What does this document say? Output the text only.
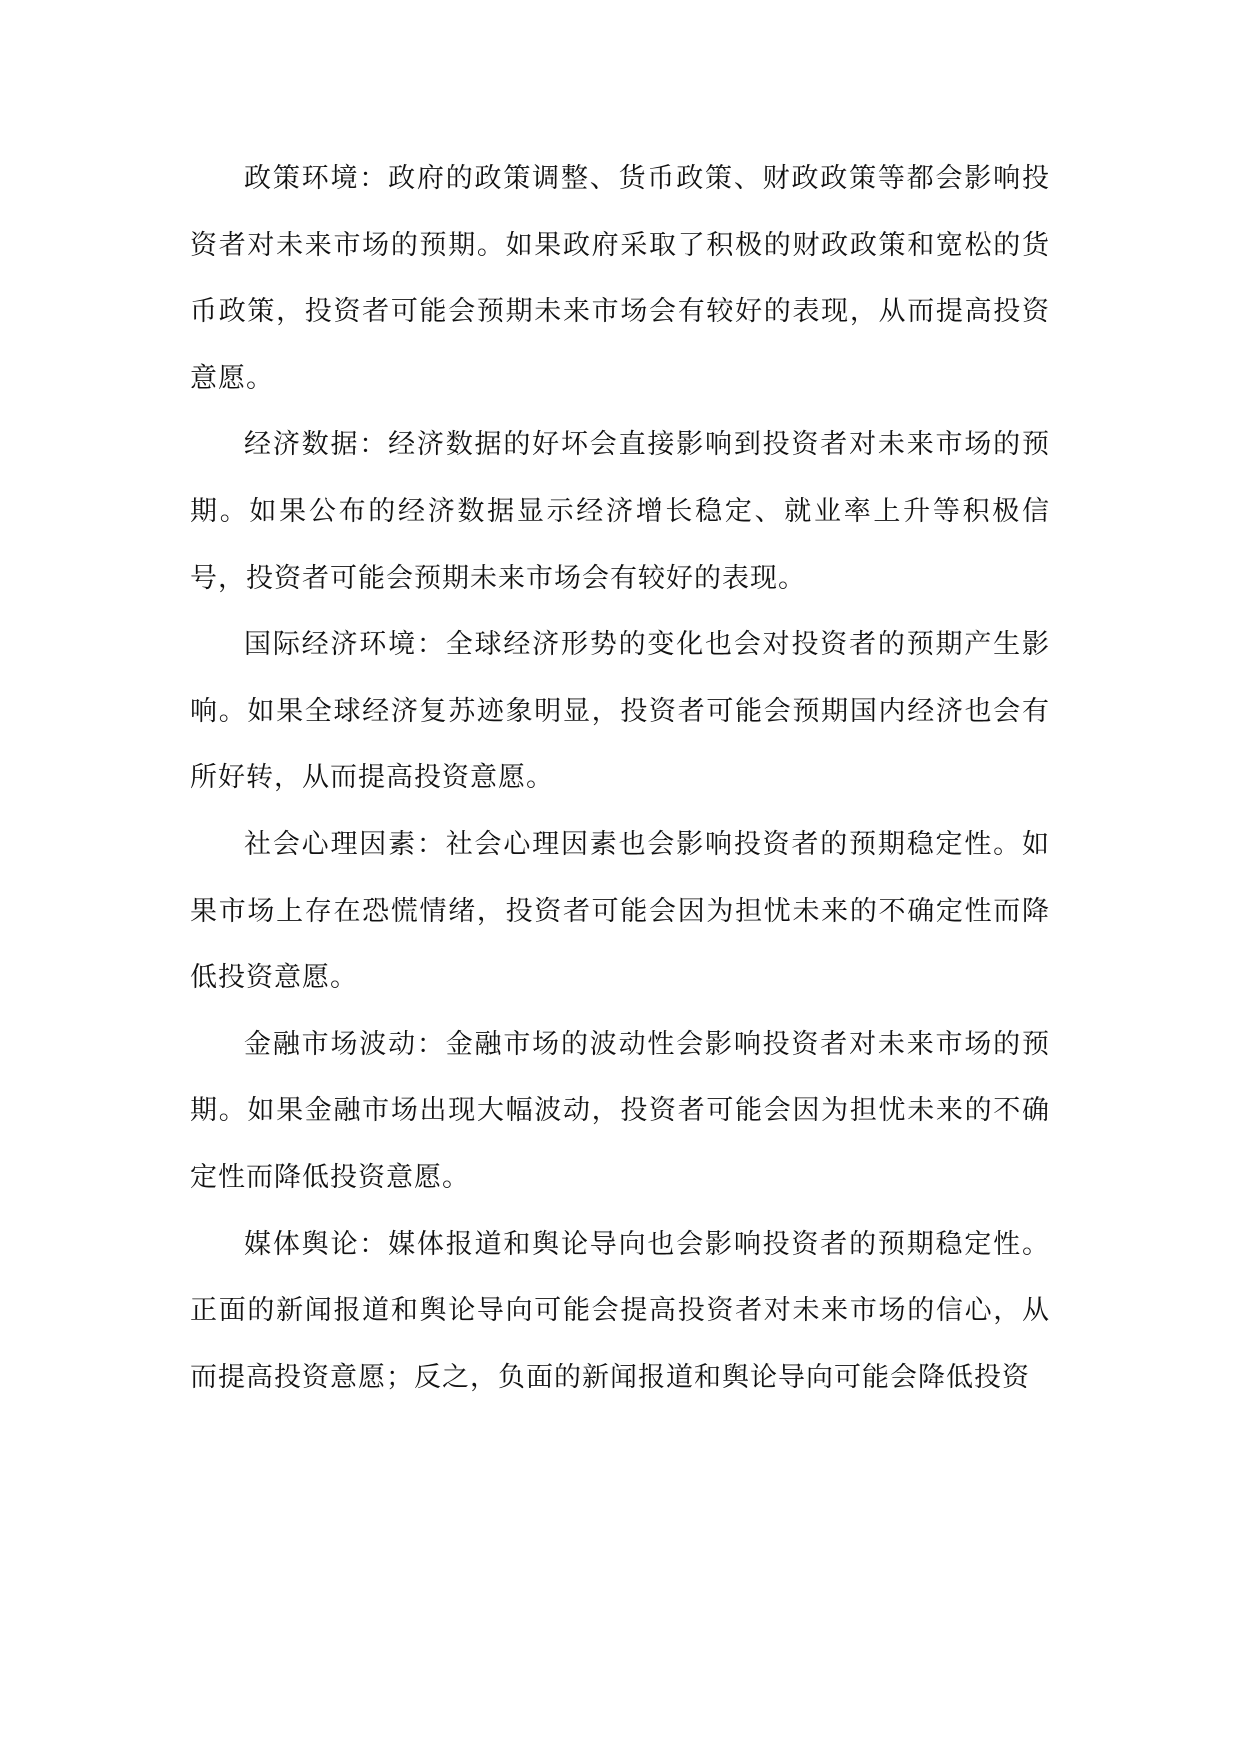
政策环境：政府的政策调整、货币政策、财政政策等都会影响投资者对未来市场的预期。如果政府采取了积极的财政政策和宽松的货币政策，投资者可能会预期未来市场会有较好的表现，从而提高投资意愿。

经济数据：经济数据的好坏会直接影响到投资者对未来市场的预期。如果公布的经济数据显示经济增长稳定、就业率上升等积极信号，投资者可能会预期未来市场会有较好的表现。

国际经济环境：全球经济形势的变化也会对投资者的预期产生影响。如果全球经济复苏迹象明显，投资者可能会预期国内经济也会有所好转，从而提高投资意愿。

社会心理因素：社会心理因素也会影响投资者的预期稳定性。如果市场上存在恐慌情绪，投资者可能会因为担忧未来的不确定性而降低投资意愿。

金融市场波动：金融市场的波动性会影响投资者对未来市场的预期。如果金融市场出现大幅波动，投资者可能会因为担忧未来的不确定性而降低投资意愿。

媒体舆论：媒体报道和舆论导向也会影响投资者的预期稳定性。正面的新闻报道和舆论导向可能会提高投资者对未来市场的信心，从而提高投资意愿；反之，负面的新闻报道和舆论导向可能会降低投资
